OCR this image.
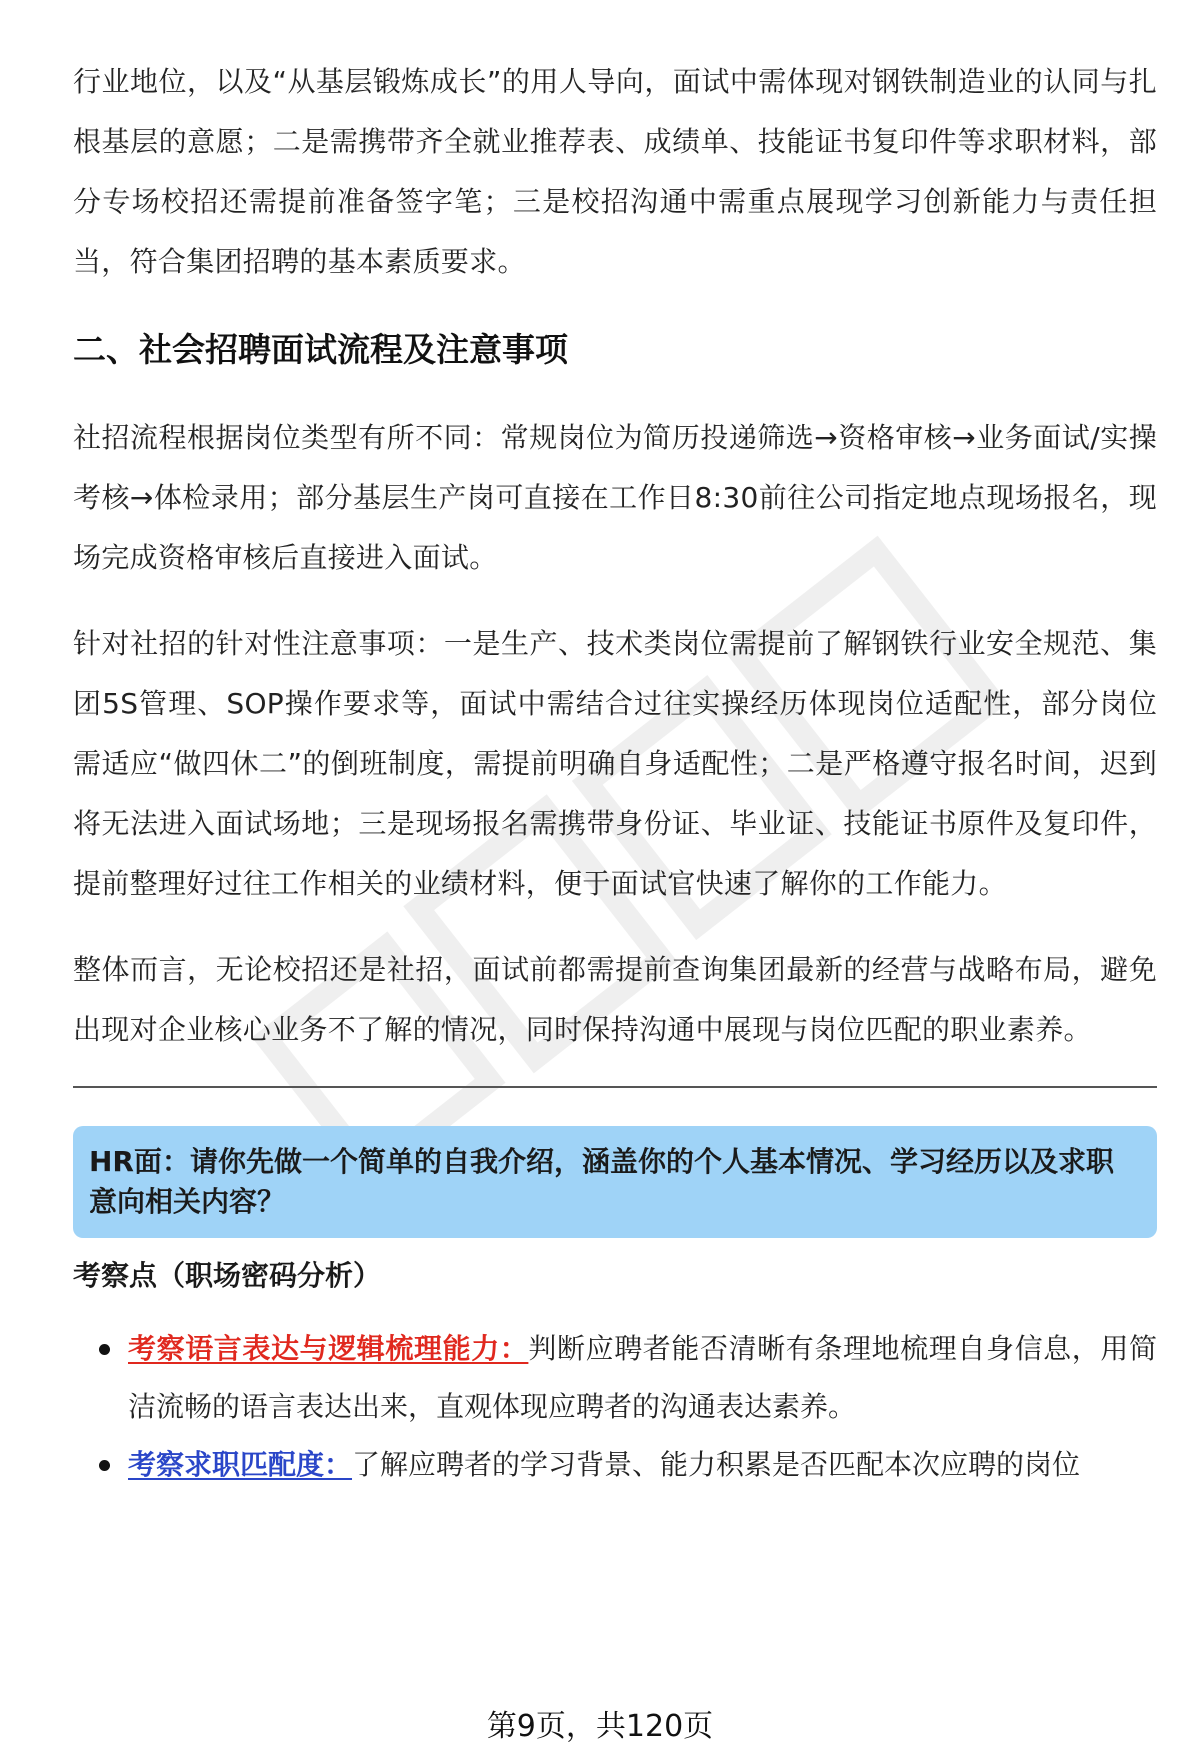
行业地位，以及“从基层锻炼成长”的用人导向，面试中需体现对钢铁制造业的认同与扎根基层的意愿；二是需携带齐全就业推荐表、成绩单、技能证书复印件等求职材料，部分专场校招还需提前准备签字笔；三是校招沟通中需重点展现学习创新能力与责任担当，符合集团招聘的基本素质要求。

二、社会招聘面试流程及注意事项

社招流程根据岗位类型有所不同：常规岗位为简历投递筛选→资格审核→业务面试/实操考核→体检录用；部分基层生产岗可直接在工作日8:30前往公司指定地点现场报名，现场完成资格审核后直接进入面试。

针对社招的针对性注意事项：一是生产、技术类岗位需提前了解钢铁行业安全规范、集团5S管理、SOP操作要求等，面试中需结合过往实操经历体现岗位适配性，部分岗位需适应“做四休二”的倒班制度，需提前明确自身适配性；二是严格遵守报名时间，迟到将无法进入面试场地；三是现场报名需携带身份证、毕业证、技能证书原件及复印件，提前整理好过往工作相关的业绩材料，便于面试官快速了解你的工作能力。

整体而言，无论校招还是社招，面试前都需提前查询集团最新的经营与战略布局，避免出现对企业核心业务不了解的情况，同时保持沟通中展现与岗位匹配的职业素养。

HR面：请你先做一个简单的自我介绍，涵盖你的个人基本情况、学习经历以及求职意向相关内容？

考察点（职场密码分析）

考察语言表达与逻辑梳理能力：判断应聘者能否清晰有条理地梳理自身信息，用简洁流畅的语言表达出来，直观体现应聘者的沟通表达素养。
考察求职匹配度：了解应聘者的学习背景、能力积累是否匹配本次应聘的岗位
第9页，共120页
